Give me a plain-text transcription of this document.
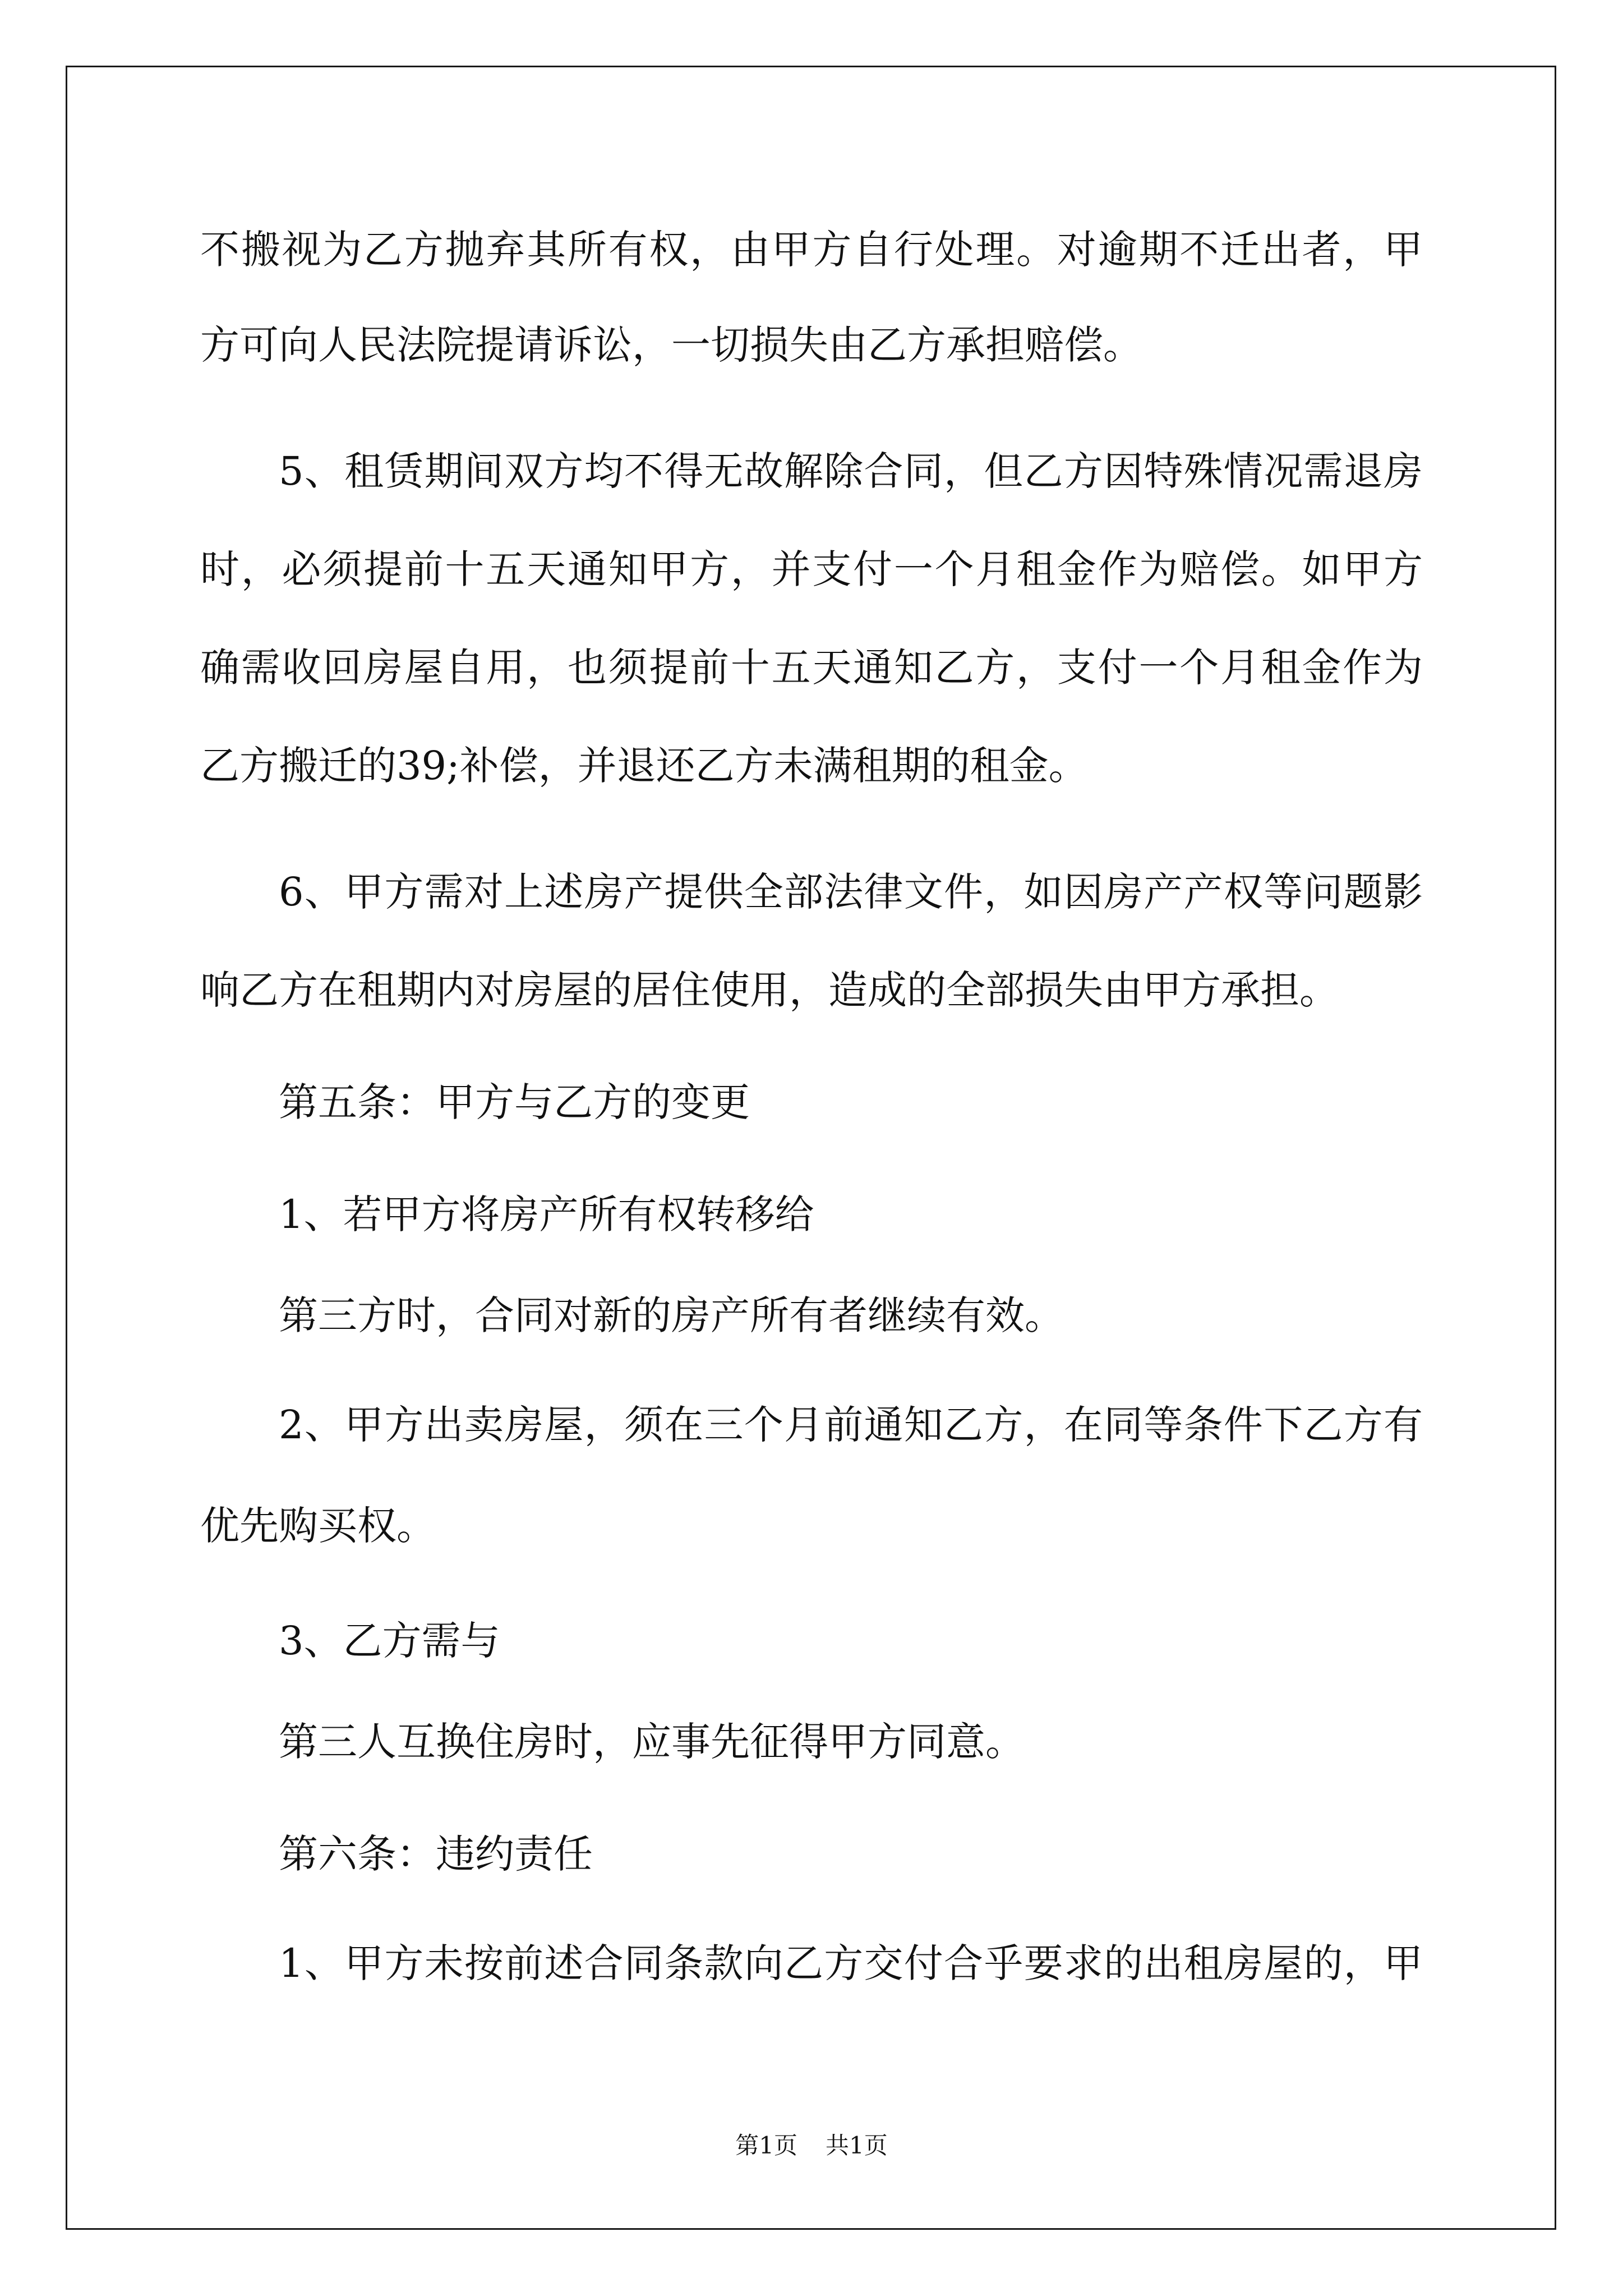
不搬视为乙方抛弃其所有权，由甲方自行处理。对逾期不迁出者，甲
方可向人民法院提请诉讼，一切损失由乙方承担赔偿。
5、租赁期间双方均不得无故解除合同，但乙方因特殊情况需退房
时，必须提前十五天通知甲方，并支付一个月租金作为赔偿。如甲方
确需收回房屋自用，也须提前十五天通知乙方，支付一个月租金作为
乙方搬迁的39;补偿，并退还乙方未满租期的租金。
6、甲方需对上述房产提供全部法律文件，如因房产产权等问题影
响乙方在租期内对房屋的居住使用，造成的全部损失由甲方承担。
第五条：甲方与乙方的变更
1、若甲方将房产所有权转移给
第三方时，合同对新的房产所有者继续有效。
2、甲方出卖房屋，须在三个月前通知乙方，在同等条件下乙方有
优先购买权。
3、乙方需与
第三人互换住房时，应事先征得甲方同意。
第六条：违约责任
1、甲方未按前述合同条款向乙方交付合乎要求的出租房屋的，甲
第1页 共1页
